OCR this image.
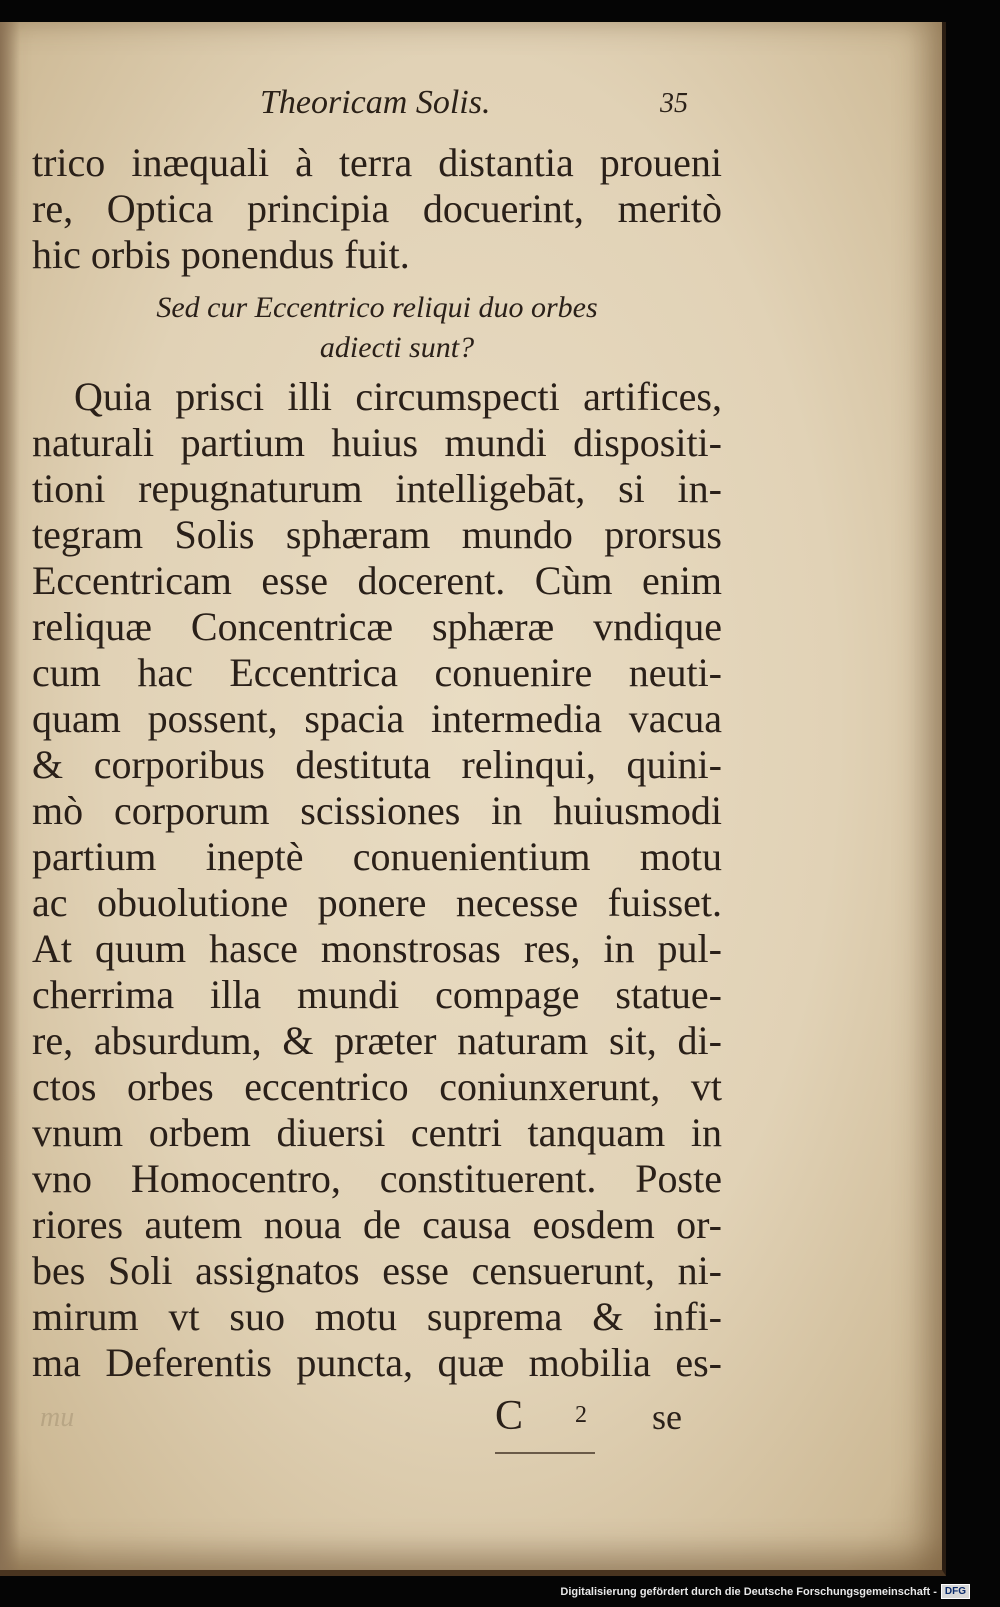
Theoricam Solis.	35
trico inæquali à terra distantia proueni
re, Optica principia docuerint, meritò
hic orbis ponendus fuit.
Sed cur Eccentrico reliqui duo orbes
adiecti sunt?
Quia prisci illi circumspecti artifices,
naturali partium huius mundi dispositi-
tioni repugnaturum intelligebāt, si in-
tegram Solis sphæram mundo prorsus
Eccentricam esse docerent. Cùm enim
reliquæ Concentricæ sphæræ vndique
cum hac Eccentrica conuenire neuti-
quam possent, spacia intermedia vacua
& corporibus destituta relinqui, quini-
mò corporum scissiones in huiusmodi
partium ineptè conuenientium motu
ac obuolutione ponere necesse fuisset.
At quum hasce monstrosas res, in pul-
cherrima illa mundi compage statue-
re, absurdum, & præter naturam sit, di-
ctos orbes eccentrico coniunxerunt, vt
vnum orbem diuersi centri tanquam in
vno Homocentro, constituerent. Poste
riores autem noua de causa eosdem or-
bes Soli assignatos esse censuerunt, ni-
mirum vt suo motu suprema & infi-
ma Deferentis puncta, quæ mobilia es-
mu	C 2 se
Digitalisierung gefördert durch die Deutsche Forschungsgemeinschaft - DFG
